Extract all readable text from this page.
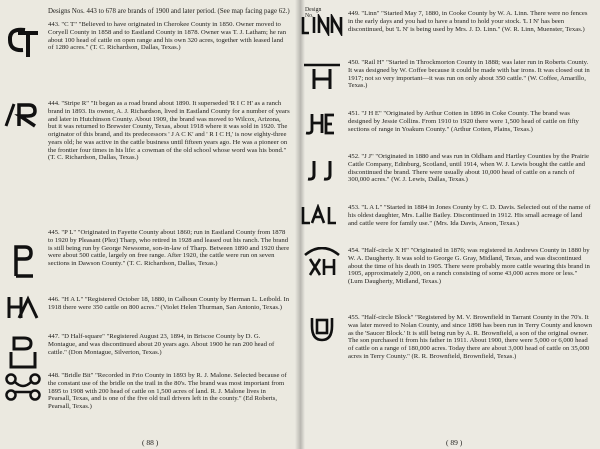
Designs Nos. 443 to 678 are brands of 1900 and later period. (See map facing page 62.)

443. "C T" "Believed to have originated in Cherokee County in 1850. Owner moved to Coryell County in 1858 and to Eastland County in 1878. Owner was T. J. Latham; he ran about 100 head of cattle on open range and his own 320 acres, together with leased land of 1280 acres." (T. C. Richardson, Dallas, Texas.)

444. "Stripe R" "It began as a road brand about 1890. It superseded 'R I C H' as a ranch brand in 1893. Its owner, A. J. Richardson, lived in Eastland County for a number of years and later in Hutchinson County. About 1909, the brand was moved to Wilcox, Arizona, but it was returned to Brewster County, Texas, about 1918 where it was sold in 1920. The originator of this brand, and its predecessors ' J A C K' and ' R I C H,' is now eighty-three years old; he was active in the cattle business until fifteen years ago. He was a pioneer on the frontier four times in his life: a cowman of the old school whose word was his bond." (T. C. Richardson, Dallas, Texas.)

445. "P L" "Originated in Fayette County about 1860; run in Eastland County from 1878 to 1920 by Pleasant (Plez) Tharp, who retired in 1928 and leased out his ranch. The brand is still being run by George Newsome, son-in-law of Tharp. Between 1890 and 1920 there were about 500 cattle, largely on free range. After 1920, the cattle were run on seven sections in Dawson County." (T. C. Richardson, Dallas, Texas.)

446. "H A L" "Registered October 18, 1880, in Calhoun County by Herman L. Leibold. In 1918 there were 350 cattle on 800 acres." (Violet Helen Thurman, San Antonio, Texas.)

447. "D Half-square" "Registered August 23, 1894, in Briscoe County by D. G. Montague, and was discontinued about 20 years ago. About 1900 he ran 200 head of cattle." (Don Montague, Silverton, Texas.)

448. "Bridle Bit" "Recorded in Frio County in 1893 by R. J. Malone. Selected because of the constant use of the bridle on the trail in the 80's. The brand was most important from 1895 to 1908 with 200 head of cattle on 1,500 acres of land. R. J. Malone lives in Pearsall, Texas, and is one of the five old trail drivers left in the county." (Ed Roberts, Pearsall, Texas.)

( 88 )

449. "Linn" "Started May 7, 1880, in Cooke County by W. A. Linn. There were no fences in the early days and you had to have a brand to hold your stock. 'L I N' has been discontinued, but 'L N' is being used by Mrs. J. D. Linn." (W. R. Linn, Muenster, Texas.)

450. "Rail H" "Started in Throckmorton County in 1888; was later run in Roberts County. It was designed by W. Coffee because it could be made with bar irons. It was closed out in 1917; not so very important—it was run on only about 350 cattle." (W. Coffee, Amarillo, Texas.)

451. "J H E" "Originated by Arthur Cotten in 1896 in Coke County. The brand was designed by Jessie Collins. From 1910 to 1920 there were 1,500 head of cattle on fifty sections of range in Yoakum County." (Arthur Cotten, Plains, Texas.)

452. "J J" "Originated in 1880 and was run in Oldham and Hartley Counties by the Prairie Cattle Company, Edinburg, Scotland, until 1914, when W. J. Lewis bought the cattle and discontinued the brand. There were usually about 10,000 head of cattle on a ranch of 300,000 acres." (W. J. Lewis, Dallas, Texas.)

453. "L A L" "Started in 1884 in Jones County by C. D. Davis. Selected out of the name of his oldest daughter, Mrs. Lallie Bailey. Discontinued in 1912. His small acreage of land and cattle were for family use." (Mrs. Ida Davis, Anson, Texas.)

454. "Half-circle X H" "Originated in 1876; was registered in Andrews County in 1880 by W. A. Daugherty. It was sold to George G. Gray, Midland, Texas, and was discontinued about the time of his death in 1905. There were probably more cattle wearing this brand in 1905, approximately 2,000, on a ranch consisting of some 43,000 acres more or less." (Lum Daugherty, Midland, Texas.)

455. "Half-circle Block" "Registered by M. V. Brownfield in Tarrant County in the 70's. It was later moved to Nolan County, and since 1898 has been run in Terry County and known as the 'Saucer Block.' It is still being run by A. R. Brownfield, a son of the original owner. The son purchased it from his father in 1911. About 1900, there were 5,000 or 6,000 head of cattle on a range of 180,000 acres. Today there are about 3,000 head of cattle on 35,000 acres in Terry County." (R. R. Brownfield, Brownfield, Texas.)

( 89 )
Design
No.
